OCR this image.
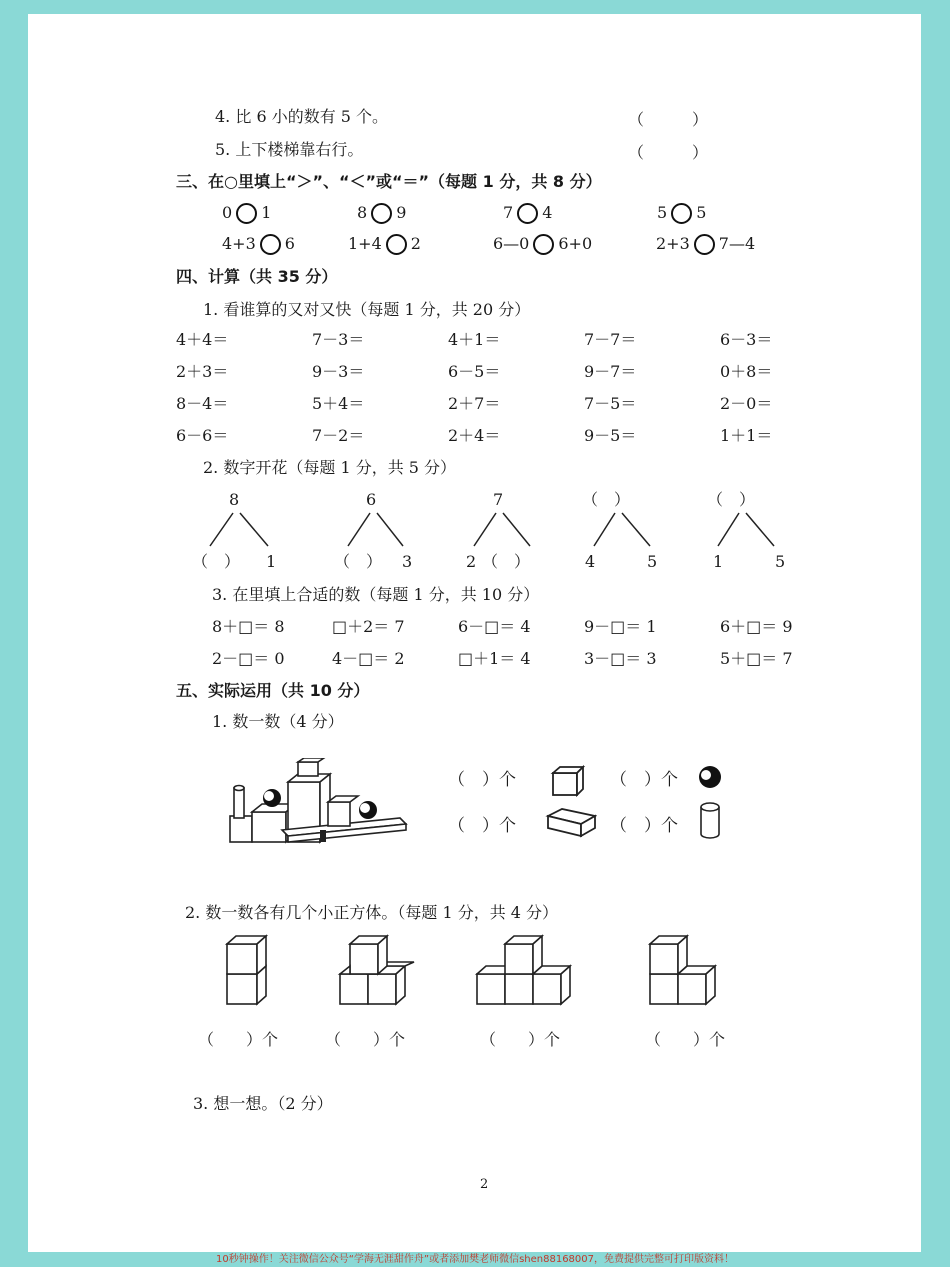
4. 比 6 小的数有 5 个。	（　　　）
5. 上下楼梯靠右行。	（　　　）
三、在○里填上“＞”、“＜”或“＝”（每题 1 分，共 8 分）
0 1	8 9	7 4	5 5
4+3 6	1+4 2	6—0 6+0	2+3 7—4
四、计算（共 35 分）
1. 看谁算的又对又快（每题 1 分，共 20 分）
4＋4＝	7－3＝	4＋1＝	7－7＝	6－3＝
2＋3＝	9－3＝	6－5＝	9－7＝	0＋8＝
8－4＝	5＋4＝	2＋7＝	7－5＝	2－0＝
6－6＝	7－2＝	2＋4＝	9－5＝	1＋1＝
2. 数字开花（每题 1 分，共 5 分）
8
（　） 1
6
（　） 3
7
2 （　）
（　）
4	5
（　）
1	5
3. 在里填上合适的数（每题 1 分，共 10 分）
8＋□＝ 8	□＋2＝ 7	6－□＝ 4	9－□＝ 1	6＋□＝ 9
2－□＝ 0	4－□＝ 2	□＋1＝ 4	3－□＝ 3	5＋□＝ 7
五、实际运用（共 10 分）
1. 数一数（4 分）
（　）个	（　）个
（　）个	（　）个
2. 数一数各有几个小正方体。（每题 1 分，共 4 分）
（　　）个	（　　）个	（　　）个	（　　）个
3. 想一想。（2 分）
2
10秒钟操作！关注微信公众号“学海无涯甜作舟”或者添加樊老师微信shen88168007，免费提供完整可打印版资料！
